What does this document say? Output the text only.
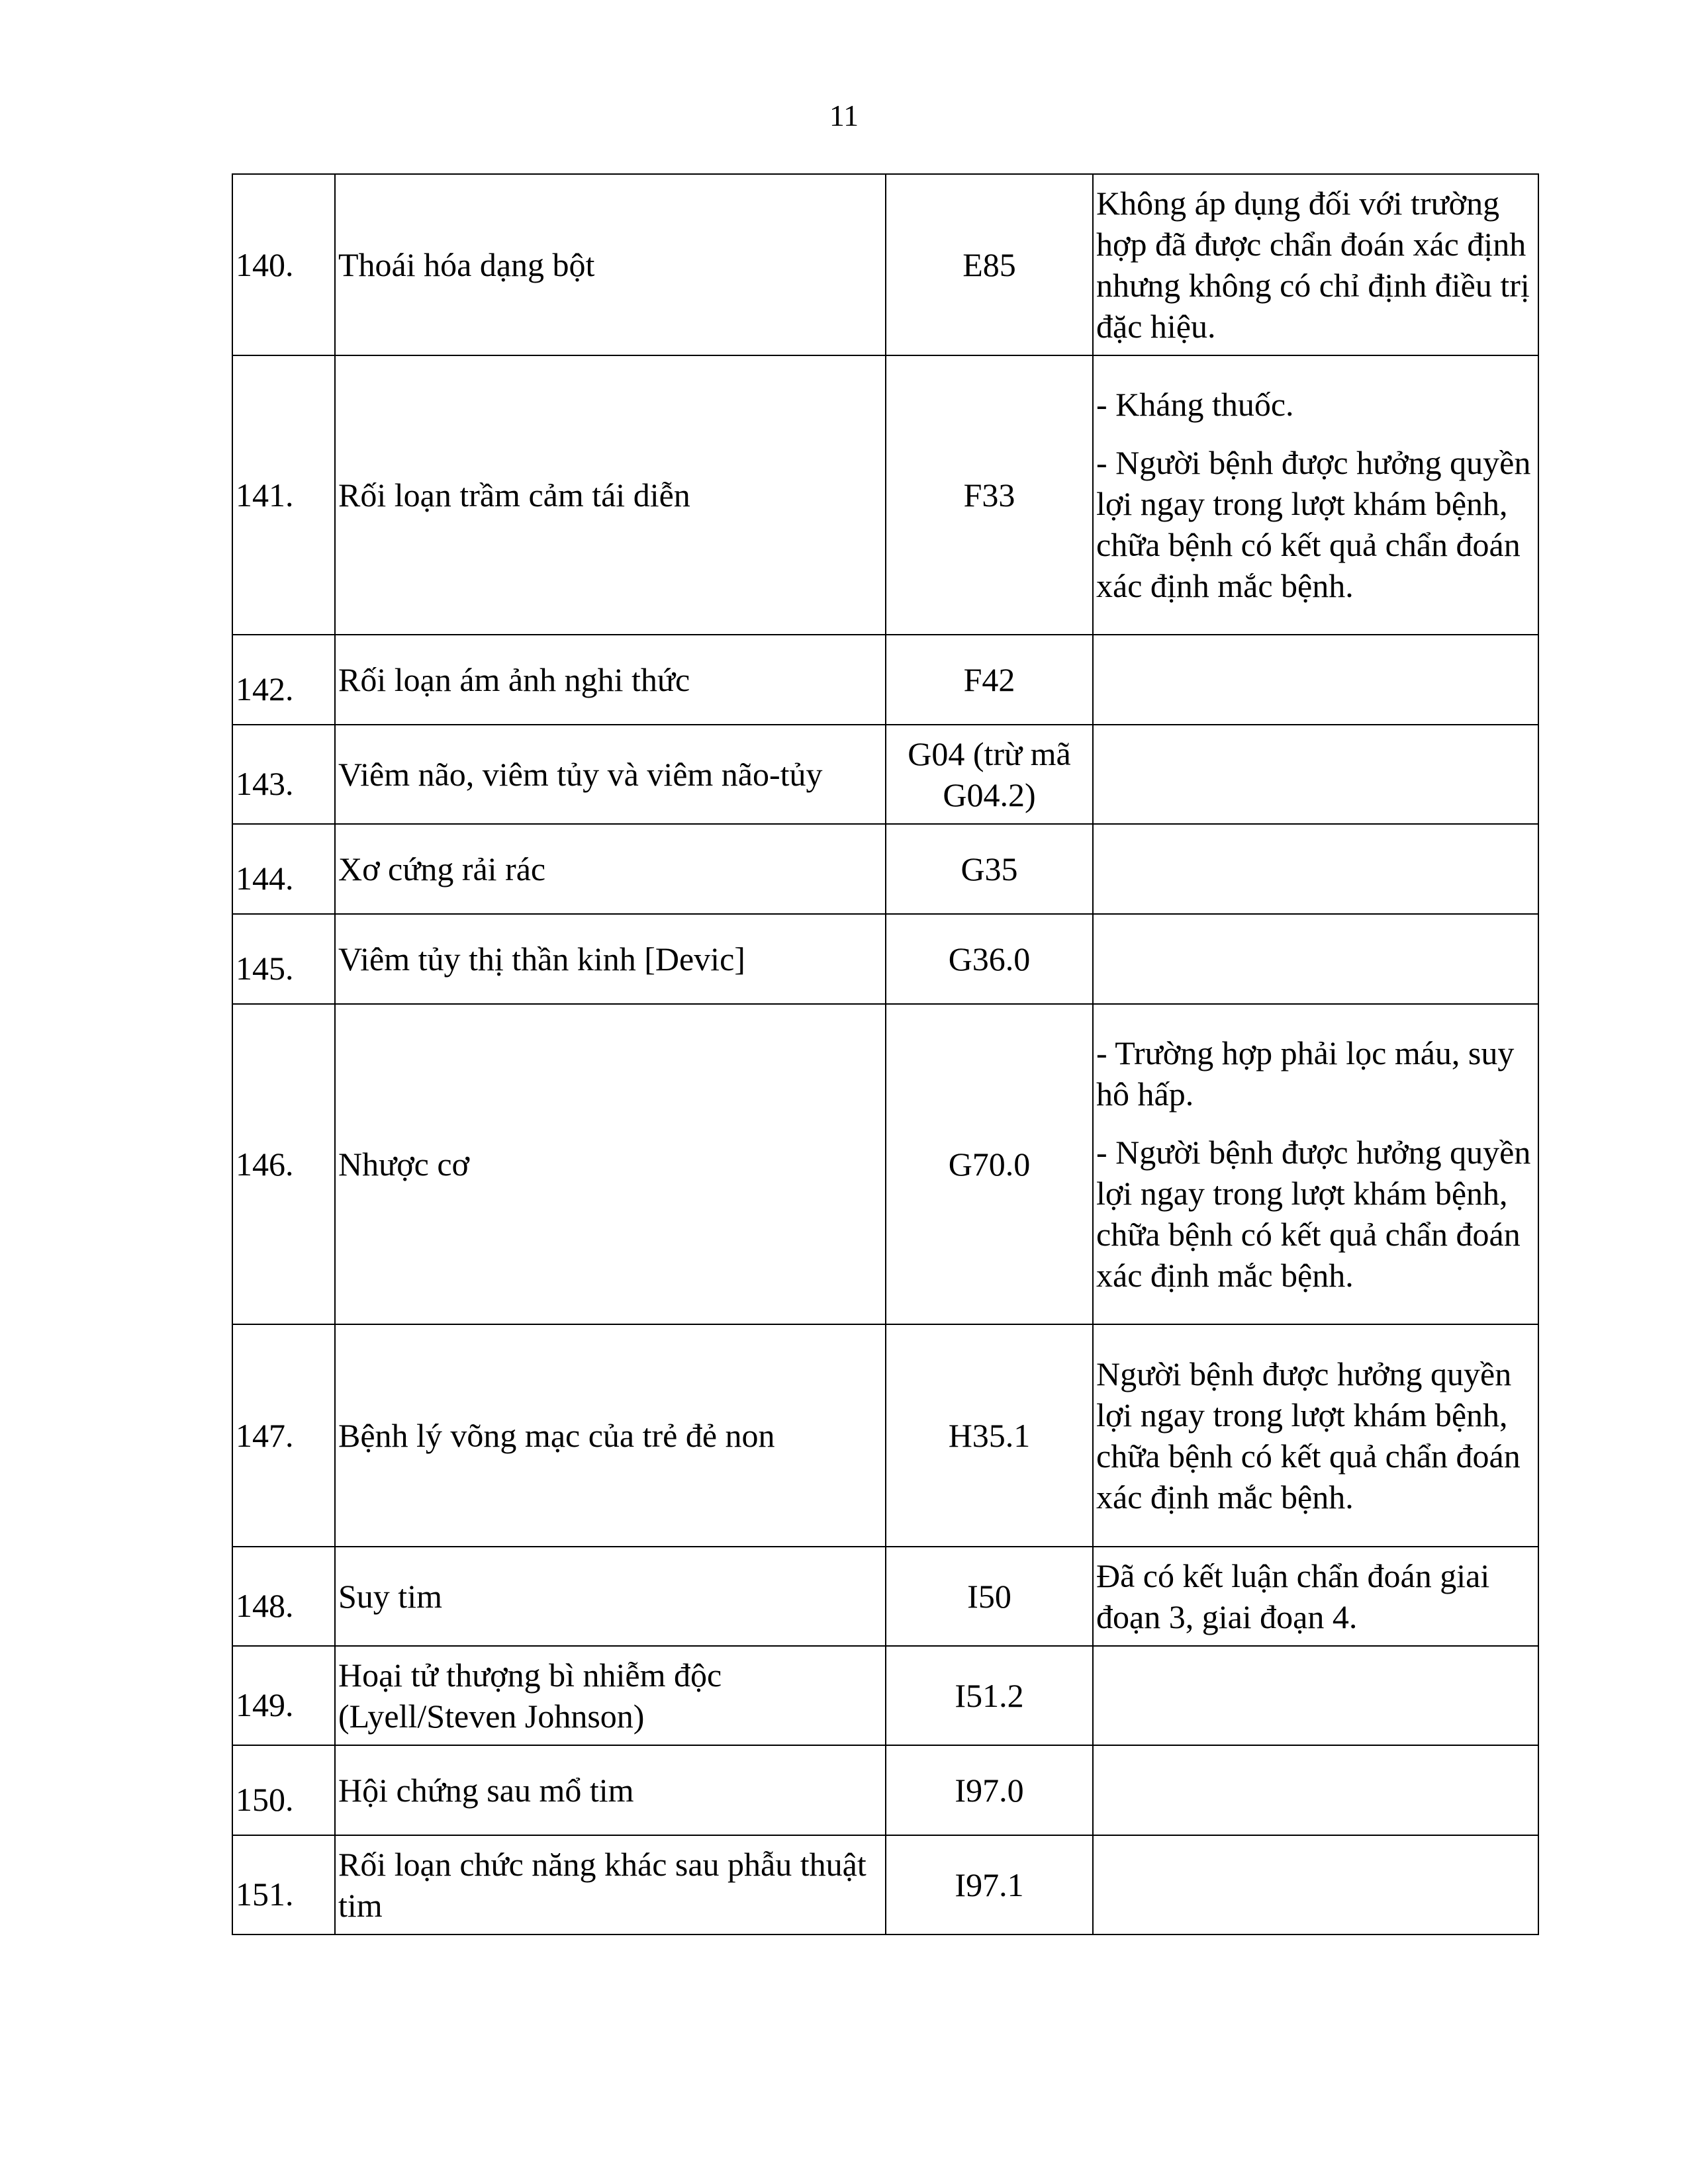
11
140.	Thoái hóa dạng bột	E85	Không áp dụng đối với trường hợp đã được chẩn đoán xác định nhưng không có chỉ định điều trị đặc hiệu.

141.	Rối loạn trầm cảm tái diễn	F33	- Kháng thuốc.
- Người bệnh được hưởng quyền lợi ngay trong lượt khám bệnh, chữa bệnh có kết quả chẩn đoán xác định mắc bệnh.

142.	Rối loạn ám ảnh nghi thức	F42	
143.	Viêm não, viêm tủy và viêm não-tủy	G04 (trừ mã G04.2)	
144.	Xơ cứng rải rác	G35	
145.	Viêm tủy thị thần kinh [Devic]	G36.0	
146.	Nhược cơ	G70.0	- Trường hợp phải lọc máu, suy hô hấp.
- Người bệnh được hưởng quyền lợi ngay trong lượt khám bệnh, chữa bệnh có kết quả chẩn đoán xác định mắc bệnh.

147.	Bệnh lý võng mạc của trẻ đẻ non	H35.1	Người bệnh được hưởng quyền lợi ngay trong lượt khám bệnh, chữa bệnh có kết quả chẩn đoán xác định mắc bệnh.

148.	Suy tim	I50	Đã có kết luận chẩn đoán giai đoạn 3, giai đoạn 4.

149.	Hoại tử thượng bì nhiễm độc (Lyell/Steven Johnson)	I51.2	
150.	Hội chứng sau mổ tim	I97.0	
151.	Rối loạn chức năng khác sau phẫu thuật tim	I97.1	
